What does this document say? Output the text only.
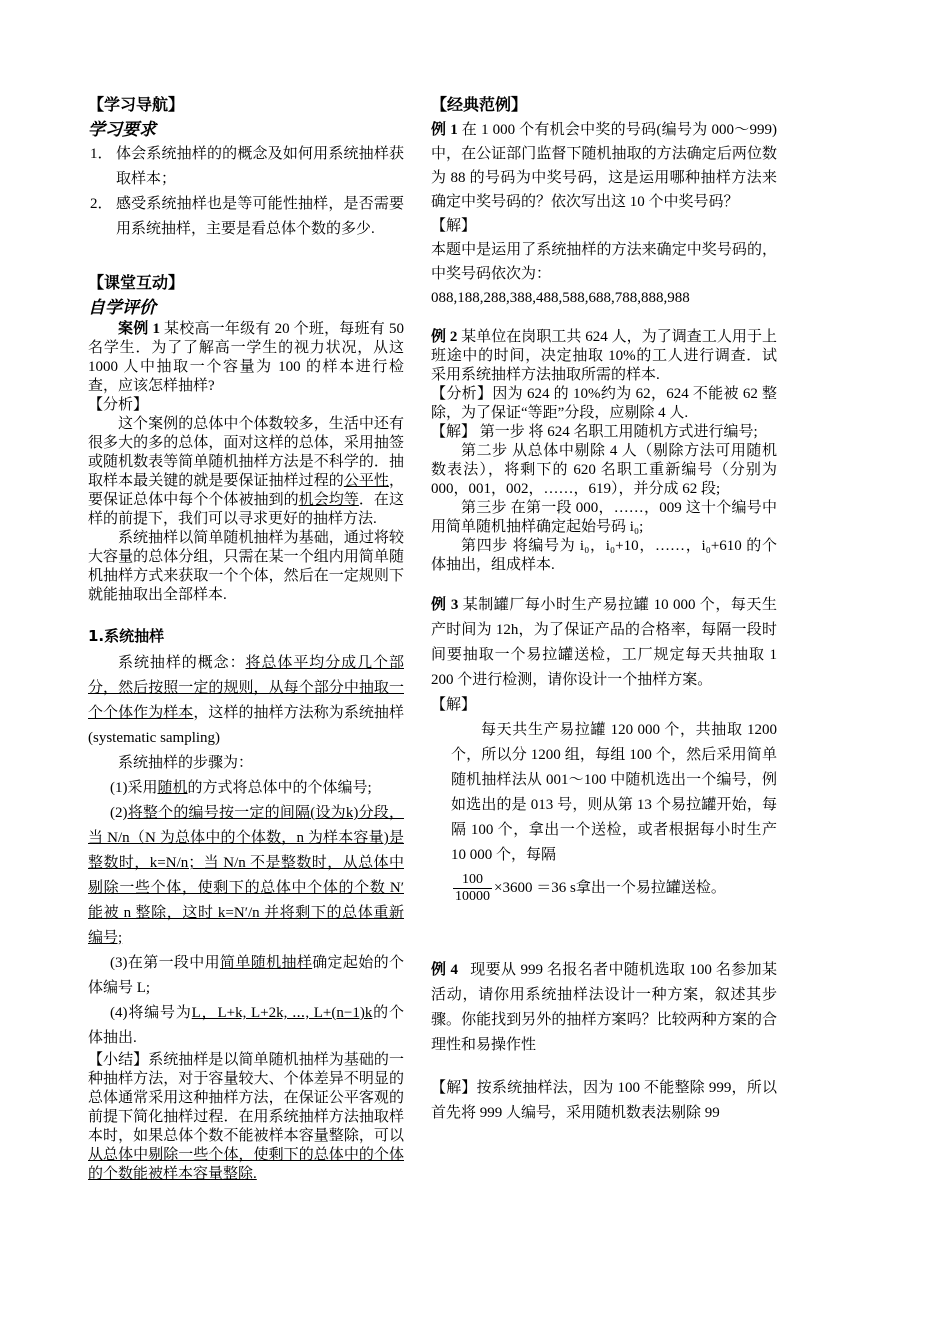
【学习导航】
学习要求
1． 体会系统抽样的的概念及如何用系统抽样获取样本；
2． 感受系统抽样也是等可能性抽样，是否需要用系统抽样，主要是看总体个数的多少.
【课堂互动】
自学评价

案例 1 某校高一年级有 20 个班，每班有 50 名学生．为了了解高一学生的视力状况，从这 1000 人中抽取一个容量为 100 的样本进行检查，应该怎样抽样?

【分析】

这个案例的总体中个体数较多，生活中还有很多大的多的总体，面对这样的总体，采用抽签或随机数表等简单随机抽样方法是不科学的．抽取样本最关键的就是要保证抽样过程的公平性，要保证总体中每个个体被抽到的机会均等．在这样的前提下，我们可以寻求更好的抽样方法.

系统抽样以简单随机抽样为基础，通过将较大容量的总体分组，只需在某一个组内用简单随机抽样方式来获取一个个体，然后在一定规则下就能抽取出全部样本.

1.系统抽样

系统抽样的概念：将总体平均分成几个部分，然后按照一定的规则，从每个部分中抽取一个个体作为样本，这样的抽样方法称为系统抽样(systematic sampling)

系统抽样的步骤为：

(1)采用随机的方式将总体中的个体编号;

(2)将整个的编号按一定的间隔(设为k)分段，当 N/n（N 为总体中的个体数，n 为样本容量)是整数时，k=N/n；当 N/n 不是整数时，从总体中剔除一些个体，使剩下的总体中个体的个数 N′ 能被 n 整除，这时 k=N′/n 并将剩下的总体重新编号;

(3)在第一段中用简单随机抽样确定起始的个体编号 L;

(4)将编号为L，L+k, L+2k, ⋯, L+(n−1)k的个体抽出.

【小结】系统抽样是以简单随机抽样为基础的一种抽样方法，对于容量较大、个体差异不明显的总体通常采用这种抽样方法，在保证公平客观的前提下简化抽样过程．在用系统抽样方法抽取样本时，如果总体个数不能被样本容量整除，可以从总体中剔除一些个体，使剩下的总体中的个体的个数能被样本容量整除.

【经典范例】

例 1 在 1 000 个有机会中奖的号码(编号为 000～999)中，在公证部门监督下随机抽取的方法确定后两位数为 88 的号码为中奖号码，这是运用哪种抽样方法来确定中奖号码的？依次写出这 10 个中奖号码？

【解】

本题中是运用了系统抽样的方法来确定中奖号码的，中奖号码依次为：

088,188,288,388,488,588,688,788,888,988

例 2 某单位在岗职工共 624 人，为了调查工人用于上班途中的时间，决定抽取 10%的工人进行调查．试采用系统抽样方法抽取所需的样本.

【分析】因为 624 的 10%约为 62，624 不能被 62 整除，为了保证“等距”分段，应剔除 4 人.

【解】 第一步 将 624 名职工用随机方式进行编号;

第二步 从总体中剔除 4 人（剔除方法可用随机数表法），将剩下的 620 名职工重新编号（分别为 000，001，002，……，619），并分成 62 段;

第三步 在第一段 000，……，009 这十个编号中用简单随机抽样确定起始号码 i₀;

第四步 将编号为 i₀，i₀+10，……，i₀+610 的个体抽出，组成样本.

例 3 某制罐厂每小时生产易拉罐 10 000 个，每天生产时间为 12h，为了保证产品的合格率，每隔一段时间要抽取一个易拉罐送检，工厂规定每天共抽取 1 200 个进行检测，请你设计一个抽样方案。

【解】

每天共生产易拉罐 120 000 个，共抽取 1200 个，所以分 1200 组，每组 100 个，然后采用简单随机抽样法从 001～100 中随机选出一个编号，例如选出的是 013 号，则从第 13 个易拉罐开始，每隔 100 个，拿出一个送检，或者根据每小时生产 10 000 个，每隔

$\frac{100}{10000} \times 3600 =36$ s拿出一个易拉罐送检。

例 4 现要从 999 名报名者中随机选取 100 名参加某活动，请你用系统抽样法设计一种方案，叙述其步骤。你能找到另外的抽样方案吗？比较两种方案的合理性和易操作性

【解】按系统抽样法，因为 100 不能整除 999，所以首先将 999 人编号，采用随机数表法剔除 99
